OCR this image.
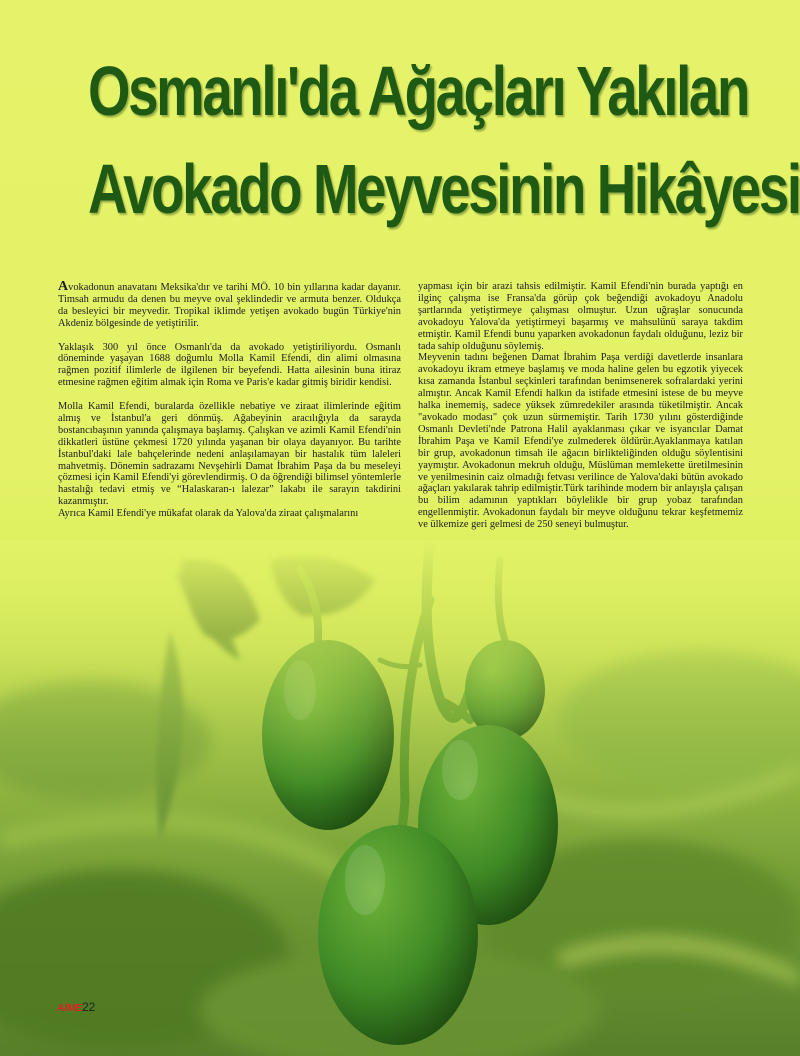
Osmanlı'da Ağaçları Yakılan
Avokado Meyvesinin Hikâyesi

Avokadonun anavatanı Meksika'dır ve tarihi MÖ. 10 bin yıllarına kadar dayanır. Timsah armudu da denen bu meyve oval şeklindedir ve armuta benzer. Oldukça da besleyici bir meyvedir. Tropikal iklimde yetişen avokado bugün Türkiye'nin Akdeniz bölgesinde de yetiştirilir.

Yaklaşık 300 yıl önce Osmanlı'da da avokado yetiştiriliyordu. Osmanlı döneminde yaşayan 1688 doğumlu Molla Kamil Efendi, din alimi olmasına rağmen pozitif ilimlerle de ilgilenen bir beyefendi. Hatta ailesinin buna itiraz etmesine rağmen eğitim almak için Roma ve Paris'e kadar gitmiş biridir kendisi.

Molla Kamil Efendi, buralarda özellikle nebatiye ve ziraat ilimlerinde eğitim almış ve İstanbul'a geri dönmüş. Ağabeyinin aracılığıyla da sarayda bostancıbaşının yanında çalışmaya başlamış. Çalışkan ve azimli Kamil Efendi'nin dikkatleri üstüne çekmesi 1720 yılında yaşanan bir olaya dayanıyor. Bu tarihte İstanbul'daki lale bahçelerinde nedeni anlaşılamayan bir hastalık tüm laleleri mahvetmiş. Dönemin sadrazamı Nevşehirli Damat İbrahim Paşa da bu meseleyi çözmesi için Kamil Efendi'yi görevlendirmiş. O da öğrendiği bilimsel yöntemlerle hastalığı tedavi etmiş ve “Halaskaran-ı lalezar” lakabı ile sarayın takdirini kazanmıştır.

Ayrıca Kamil Efendi'ye mükafat olarak da Yalova'da ziraat çalışmalarını

yapması için bir arazi tahsis edilmiştir. Kamil Efendi'nin burada yaptığı en ilginç çalışma ise Fransa'da görüp çok beğendiği avokadoyu Anadolu şartlarında yetiştirmeye çalışması olmuştur. Uzun uğraşlar sonucunda avokadoyu Yalova'da yetiştirmeyi başarmış ve mahsulünü saraya takdim etmiştir. Kamil Efendi bunu yaparken avokadonun faydalı olduğunu, leziz bir tada sahip olduğunu söylemiş.

Meyvenin tadını beğenen Damat İbrahim Paşa verdiği davetlerde insanlara avokadoyu ikram etmeye başlamış ve moda haline gelen bu egzotik yiyecek kısa zamanda İstanbul seçkinleri tarafından benimsenerek sofralardaki yerini almıştır. Ancak Kamil Efendi halkın da istifade etmesini istese de bu meyve halka inememiş, sadece yüksek zümredekiler arasında tüketilmiştir. Ancak "avokado modası" çok uzun sürmemiştir. Tarih 1730 yılını gösterdiğinde Osmanlı Devleti'nde Patrona Halil ayaklanması çıkar ve isyancılar Damat İbrahim Paşa ve Kamil Efendi'ye zulmederek öldürür.Ayaklanmaya katılan bir grup, avokadonun timsah ile ağacın birlikteliğinden olduğu söylentisini yaymıştır. Avokadonun mekruh olduğu, Müslüman memlekette üretilmesinin ve yenilmesinin caiz olmadığı fetvası verilince de Yalova'daki bütün avokado ağaçları yakılarak tahrip edilmiştir.Türk tarihinde modern bir anlayışla çalışan bu bilim adamının yaptıkları böylelikle bir grup yobaz tarafından engellenmiştir. Avokadonun faydalı bir meyve olduğunu tekrar keşfetmemiz ve ülkemize geri gelmesi de 250 seneyi bulmuştur.

AİME22
